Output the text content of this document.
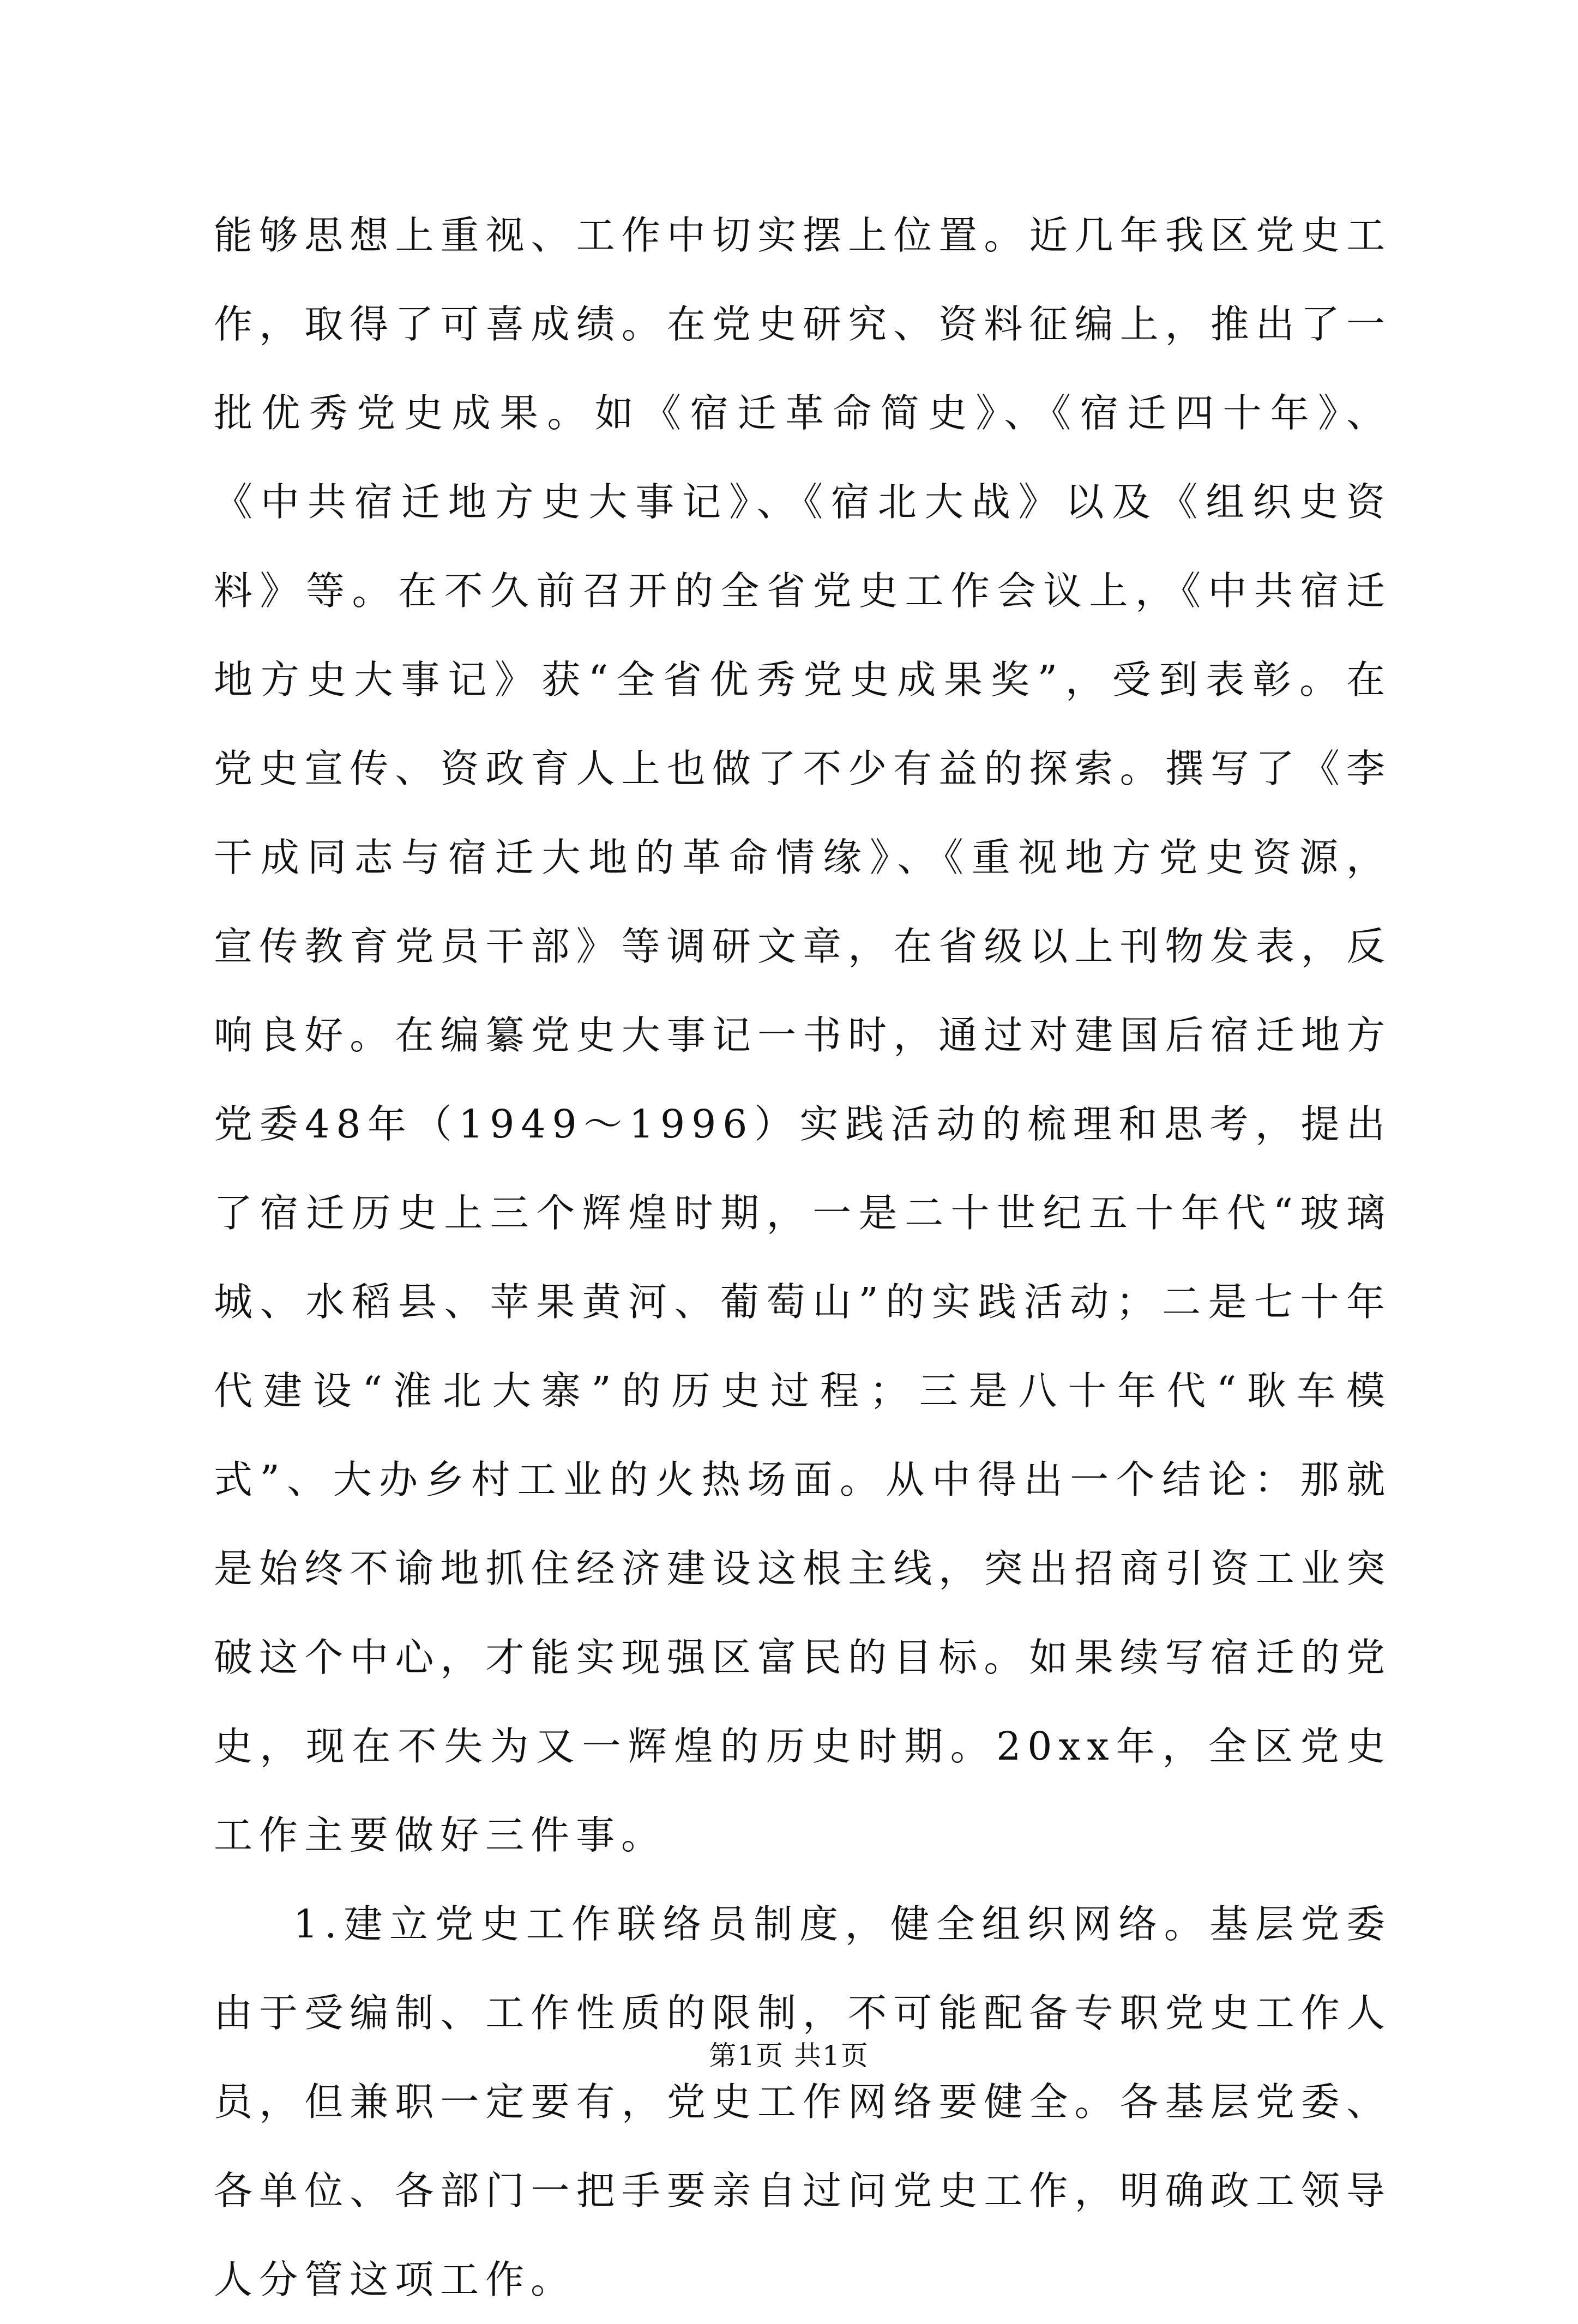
能够思想上重视、工作中切实摆上位置。近几年我区党史工作，取得了可喜成绩。在党史研究、资料征编上，推出了一批优秀党史成果。如《宿迁革命简史》、《宿迁四十年》、《中共宿迁地方史大事记》、《宿北大战》以及《组织史资料》等。在不久前召开的全省党史工作会议上，《中共宿迁地方史大事记》获“全省优秀党史成果奖”，受到表彰。在党史宣传、资政育人上也做了不少有益的探索。撰写了《李干成同志与宿迁大地的革命情缘》、《重视地方党史资源，宣传教育党员干部》等调研文章，在省级以上刊物发表，反响良好。在编纂党史大事记一书时，通过对建国后宿迁地方党委48年（1949～1996）实践活动的梳理和思考，提出了宿迁历史上三个辉煌时期，一是二十世纪五十年代“玻璃城、水稻县、苹果黄河、葡萄山”的实践活动；二是七十年代建设“淮北大寨”的历史过程；三是八十年代“耿车模式”、大办乡村工业的火热场面。从中得出一个结论：那就是始终不谕地抓住经济建设这根主线，突出招商引资工业突破这个中心，才能实现强区富民的目标。如果续写宿迁的党史，现在不失为又一辉煌的历史时期。20xx年，全区党史工作主要做好三件事。

1.建立党史工作联络员制度，健全组织网络。基层党委由于受编制、工作性质的限制，不可能配备专职党史工作人员，但兼职一定要有，党史工作网络要健全。各基层党委、各单位、各部门一把手要亲自过问党史工作，明确政工领导人分管这项工作。

第1页 共1页
